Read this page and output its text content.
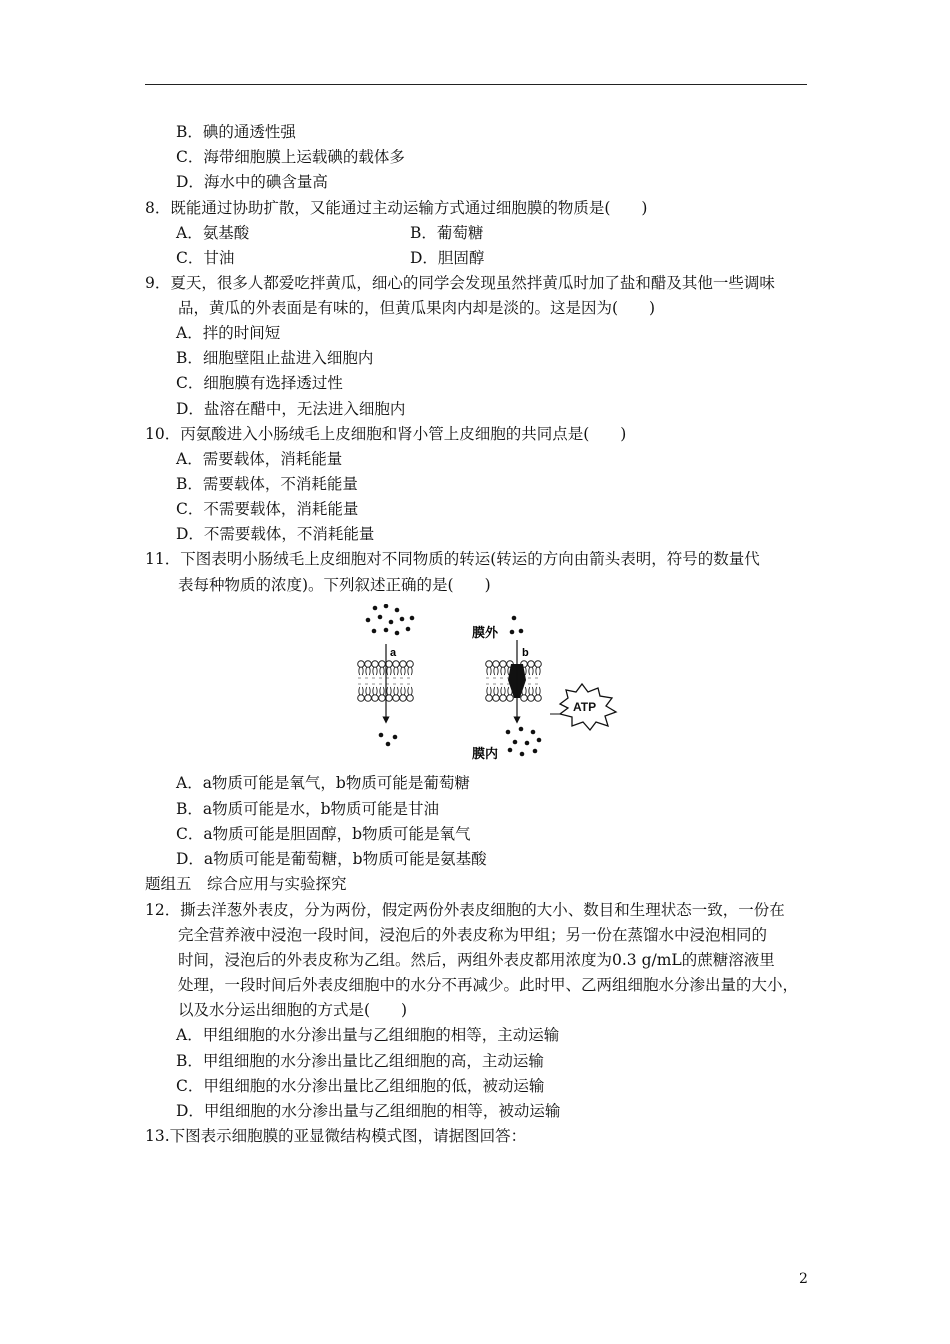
B．碘的通透性强
C．海带细胞膜上运载碘的载体多
D．海水中的碘含量高
8．既能通过协助扩散，又能通过主动运输方式通过细胞膜的物质是(　　)
A．氨基酸	B．葡萄糖
C．甘油	D．胆固醇
9．夏天，很多人都爱吃拌黄瓜，细心的同学会发现虽然拌黄瓜时加了盐和醋及其他一些调味
品，黄瓜的外表面是有味的，但黄瓜果肉内却是淡的。这是因为(　　)
A．拌的时间短
B．细胞壁阻止盐进入细胞内
C．细胞膜有选择透过性
D．盐溶在醋中，无法进入细胞内
10．丙氨酸进入小肠绒毛上皮细胞和肾小管上皮细胞的共同点是(　　)
A．需要载体，消耗能量
B．需要载体，不消耗能量
C．不需要载体，消耗能量
D．不需要载体，不消耗能量
11．下图表明小肠绒毛上皮细胞对不同物质的转运(转运的方向由箭头表明，符号的数量代
表每种物质的浓度)。下列叙述正确的是(　　)
A．a物质可能是氧气，b物质可能是葡萄糖
B．a物质可能是水，b物质可能是甘油
C．a物质可能是胆固醇，b物质可能是氧气
D．a物质可能是葡萄糖，b物质可能是氨基酸
题组五　综合应用与实验探究
12．撕去洋葱外表皮，分为两份，假定两份外表皮细胞的大小、数目和生理状态一致，一份在
完全营养液中浸泡一段时间，浸泡后的外表皮称为甲组；另一份在蒸馏水中浸泡相同的
时间，浸泡后的外表皮称为乙组。然后，两组外表皮都用浓度为0.3 g/mL的蔗糖溶液里
处理，一段时间后外表皮细胞中的水分不再减少。此时甲、乙两组细胞水分渗出量的大小，
以及水分运出细胞的方式是(　　)
A．甲组细胞的水分渗出量与乙组细胞的相等，主动运输
B．甲组细胞的水分渗出量比乙组细胞的高，主动运输
C．甲组细胞的水分渗出量比乙组细胞的低，被动运输
D．甲组细胞的水分渗出量与乙组细胞的相等，被动运输
13.下图表示细胞膜的亚显微结构模式图，请据图回答：
a
膜外
b
膜内
ATP
2
